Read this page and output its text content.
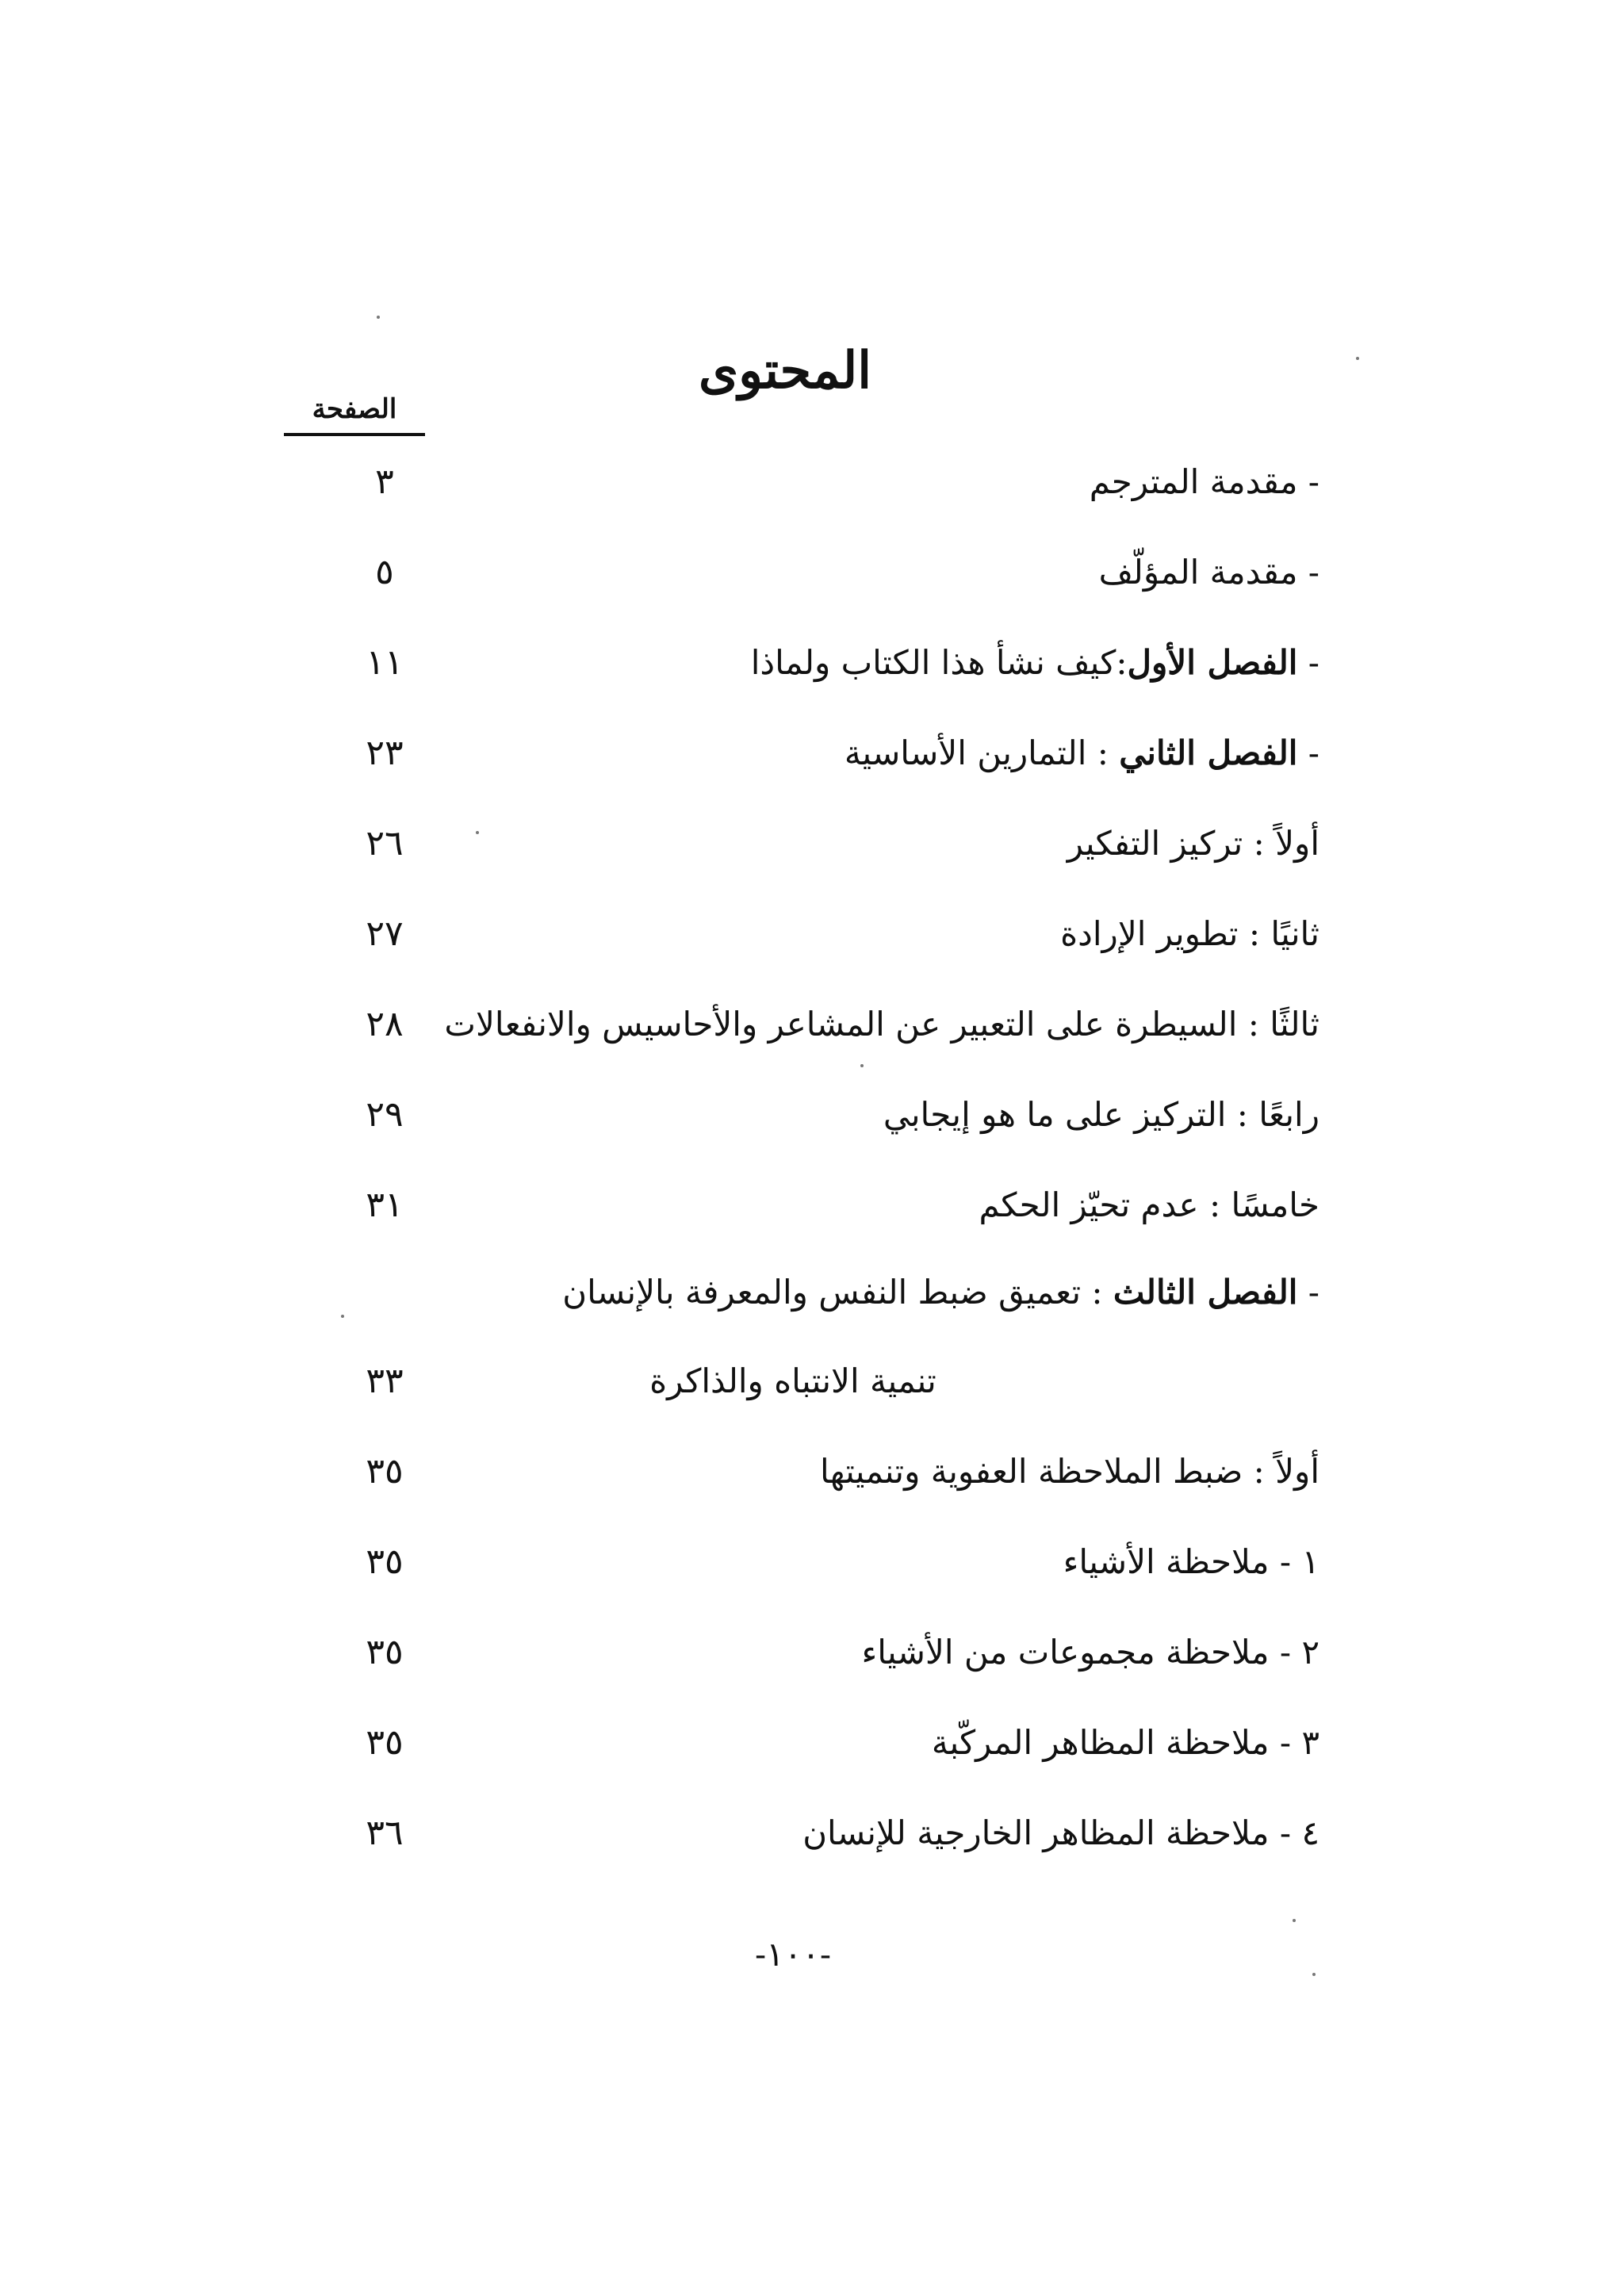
المحتوى
الصفحة
- مقدمة المترجم
٣
- مقدمة المؤلّف
٥
- الفصل الأول:كيف نشأ هذا الكتاب ولماذا
١١
- الفصل الثاني : التمارين الأساسية
٢٣
أولاً : تركيز التفكير
٢٦
ثانيًا : تطوير الإرادة
٢٧
ثالثًا : السيطرة على التعبير عن المشاعر والأحاسيس والانفعالات
٢٨
رابعًا : التركيز على ما هو إيجابي
٢٩
خامسًا : عدم تحيّز الحكم
٣١
- الفصل الثالث : تعميق ضبط النفس والمعرفة بالإنسان
تنمية الانتباه والذاكرة
٣٣
أولاً : ضبط الملاحظة العفوية وتنميتها
٣٥
١ - ملاحظة الأشياء
٣٥
٢ - ملاحظة مجموعات من الأشياء
٣٥
٣ - ملاحظة المظاهر المركّبة
٣٥
٤ - ملاحظة المظاهر الخارجية للإنسان
٣٦
-١٠٠-
